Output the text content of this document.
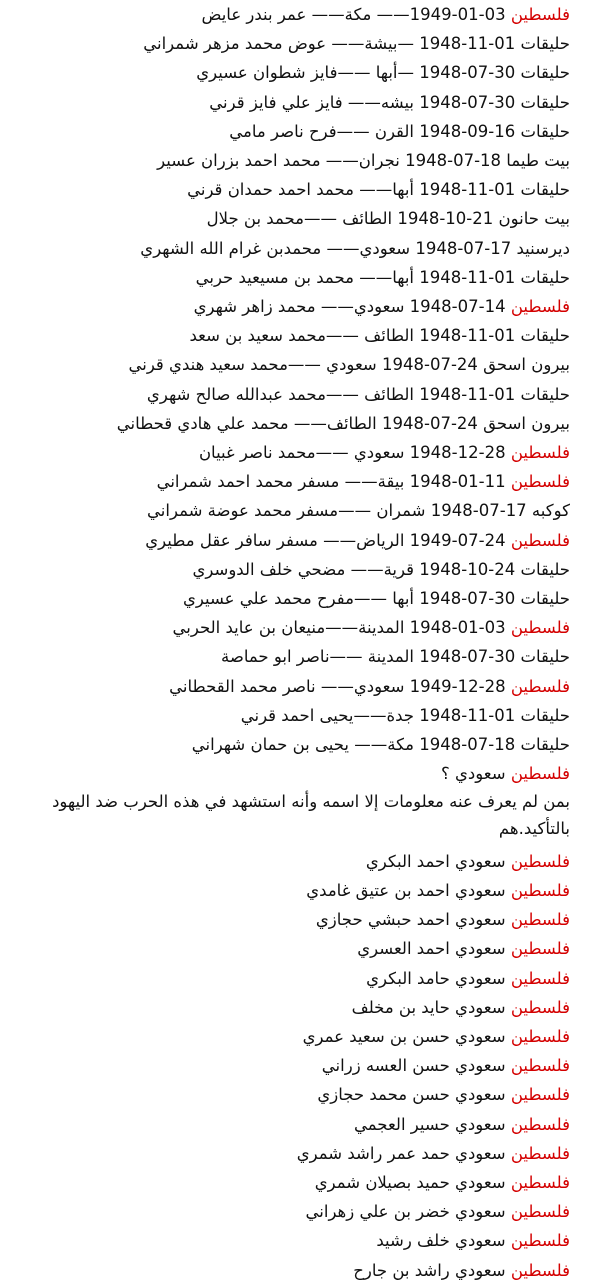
فلسطين 03-01-1949—— مكة—— عمر بندر عايض
حليقات 01-11-1948 —بيشة—— عوض محمد مزهر شمراني
حليقات 30-07-1948 —أبها ——فايز شطوان عسيري
حليقات 30-07-1948 بيشه—— فايز علي فايز قرني
حليقات 16-09-1948 القرن ——فرح ناصر مامي
بيت طيما 18-07-1948 نجران—— محمد احمد بزران عسير
حليقات 01-11-1948 أبها—— محمد احمد حمدان قرني
بيت حانون 21-10-1948 الطائف ——محمد بن جلال
ديرسنيد 17-07-1948 سعودي—— محمدبن غرام الله الشهري
حليقات 01-11-1948 أبها—— محمد بن مسيعيد حربي
فلسطين 14-07-1948 سعودي—— محمد زاهر شهري
حليقات 01-11-1948 الطائف ——محمد سعيد بن سعد
بيرون اسحق 24-07-1948 سعودي ——محمد سعيد هندي قرني
حليقات 01-11-1948 الطائف ——محمد عبدالله صالح شهري
بيرون اسحق 24-07-1948 الطائف—— محمد علي هادي قحطاني
فلسطين 28-12-1948 سعودي ——محمد ناصر غبيان
فلسطين 11-01-1948 بيقة—— مسفر محمد احمد شمراني
كوكبه 17-07-1948 شمران ——مسفر محمد عوضة شمراني
فلسطين 24-07-1949 الرياض—— مسفر سافر عقل مطيري
حليقات 24-10-1948 قرية—— مضحي خلف الدوسري
حليقات 30-07-1948 أبها ——مفرح محمد علي عسيري
فلسطين 03-01-1948 المدينة——منيعان بن عايد الحربي
حليقات 30-07-1948 المدينة ——ناصر ابو حماصة
فلسطين 28-12-1949 سعودي—— ناصر محمد القحطاني
حليقات 01-11-1948 جدة——يحيى احمد قرني
حليقات 18-07-1948 مكة—— يحيى بن حمان شهراني
فلسطين سعودي ؟
بمن لم يعرف عنه معلومات إلا اسمه وأنه استشهد في هذه الحرب ضد اليهود بالتأكيد.هم
فلسطين سعودي احمد البكري
فلسطين سعودي احمد بن عتيق غامدي
فلسطين سعودي احمد حبشي حجازي
فلسطين سعودي احمد العسري
فلسطين سعودي حامد البكري
فلسطين سعودي حايد بن مخلف
فلسطين سعودي حسن بن سعيد عمري
فلسطين سعودي حسن العسه زراني
فلسطين سعودي حسن محمد حجازي
فلسطين سعودي حسير العجمي
فلسطين سعودي حمد عمر راشد شمري
فلسطين سعودي حميد بصيلان شمري
فلسطين سعودي خضر بن علي زهراني
فلسطين سعودي خلف رشيد
فلسطين سعودي راشد بن جارح
